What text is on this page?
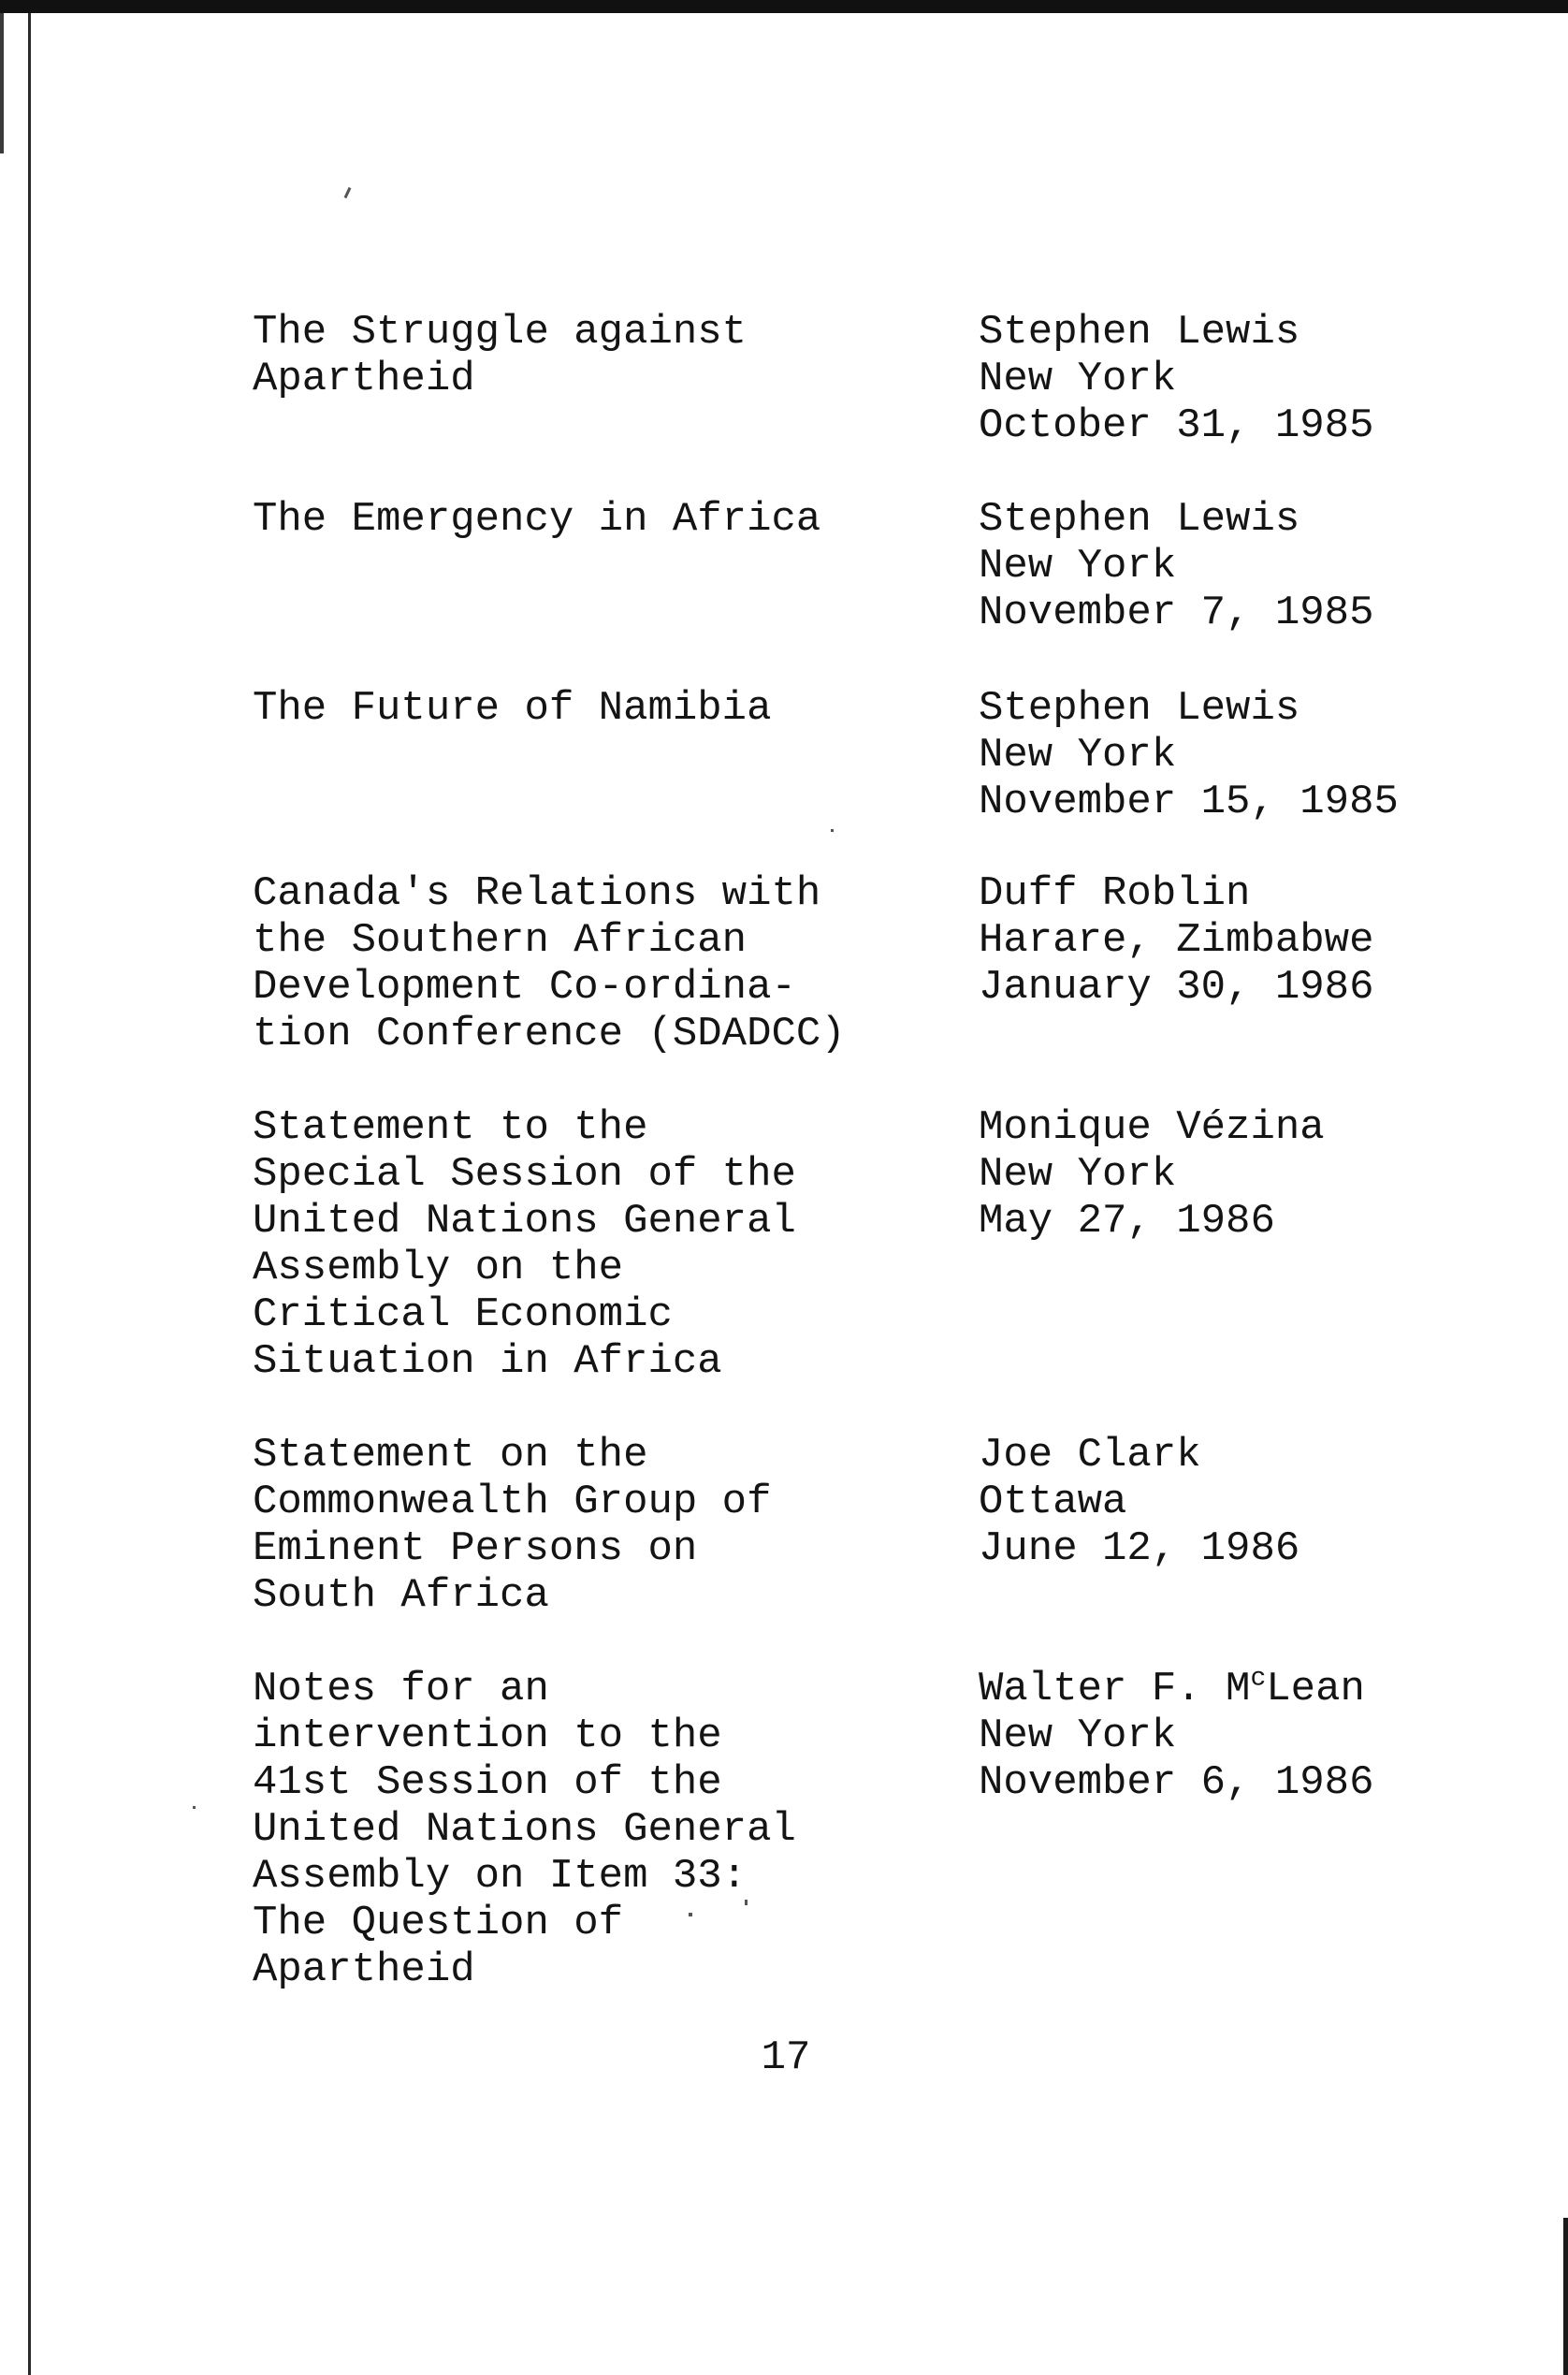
The Struggle against
Apartheid
Stephen Lewis
New York
October 31, 1985
The Emergency in Africa	Stephen Lewis
New York
November 7, 1985
The Future of Namibia	Stephen Lewis
New York
November 15, 1985
Canada's Relations with
the Southern African
Development Co-ordina-
tion Conference (SDADCC)
Duff Roblin
Harare, Zimbabwe
January 30, 1986
Statement to the
Special Session of the
United Nations General
Assembly on the
Critical Economic
Situation in Africa
Monique Vézina
New York
May 27, 1986
Statement on the
Commonwealth Group of
Eminent Persons on
South Africa
Joe Clark
Ottawa
June 12, 1986
Notes for an
intervention to the
41st Session of the
United Nations General
Assembly on Item 33:
The Question of
Apartheid
Walter F. $M^cLean$
New York
November 6, 1986
17
